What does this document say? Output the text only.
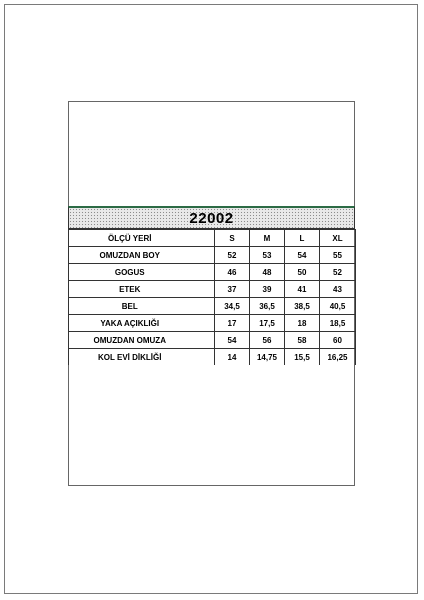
22002
ÖLÇÜ YERİ		S	M	L	XL
OMUZDAN BOY		52	53	54	55
GOGUS		46	48	50	52
ETEK		37	39	41	43
BEL		34,5	36,5	38,5	40,5
YAKA AÇIKLIĞI		17	17,5	18	18,5
OMUZDAN OMUZA		54	56	58	60
KOL EVİ DİKLİĞİ		14	14,75	15,5	16,25
